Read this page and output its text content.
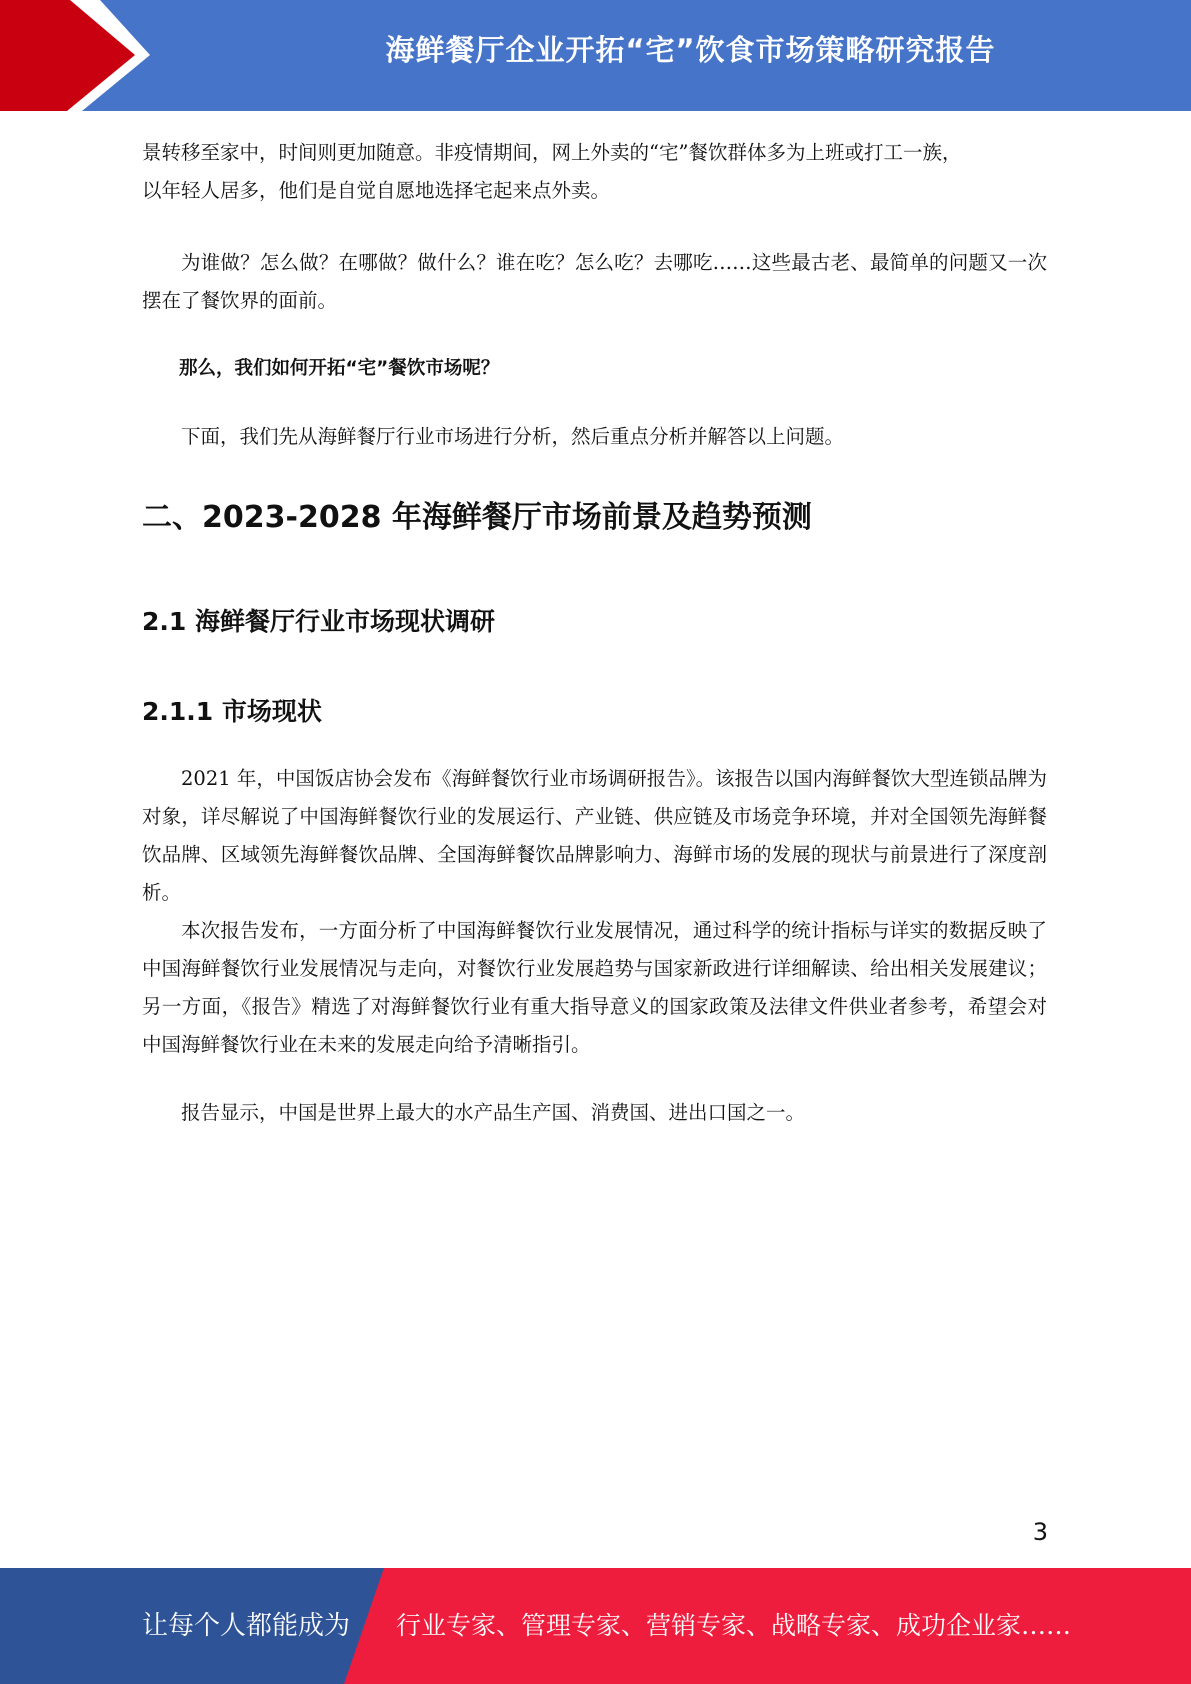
海鲜餐厅企业开拓“宅”饮食市场策略研究报告

景转移至家中，时间则更加随意。非疫情期间，网上外卖的“宅”餐饮群体多为上班或打工一族，

以年轻人居多，他们是自觉自愿地选择宅起来点外卖。

为谁做？怎么做？在哪做？做什么？谁在吃？怎么吃？去哪吃……这些最古老、最简单的问题又一次摆在了餐饮界的面前。

那么，我们如何开拓“宅”餐饮市场呢？

下面，我们先从海鲜餐厅行业市场进行分析，然后重点分析并解答以上问题。

二、2023-2028 年海鲜餐厅市场前景及趋势预测
2.1 海鲜餐厅行业市场现状调研
2.1.1 市场现状

2021 年，中国饭店协会发布《海鲜餐饮行业市场调研报告》。该报告以国内海鲜餐饮大型连锁品牌为对象，详尽解说了中国海鲜餐饮行业的发展运行、产业链、供应链及市场竞争环境，并对全国领先海鲜餐饮品牌、区域领先海鲜餐饮品牌、全国海鲜餐饮品牌影响力、海鲜市场的发展的现状与前景进行了深度剖析。

本次报告发布，一方面分析了中国海鲜餐饮行业发展情况，通过科学的统计指标与详实的数据反映了中国海鲜餐饮行业发展情况与走向，对餐饮行业发展趋势与国家新政进行详细解读、给出相关发展建议；另一方面，《报告》精选了对海鲜餐饮行业有重大指导意义的国家政策及法律文件供业者参考，希望会对中国海鲜餐饮行业在未来的发展走向给予清晰指引。

报告显示，中国是世界上最大的水产品生产国、消费国、进出口国之一。

3
让每个人都能成为 行业专家、管理专家、营销专家、战略专家、成功企业家……
